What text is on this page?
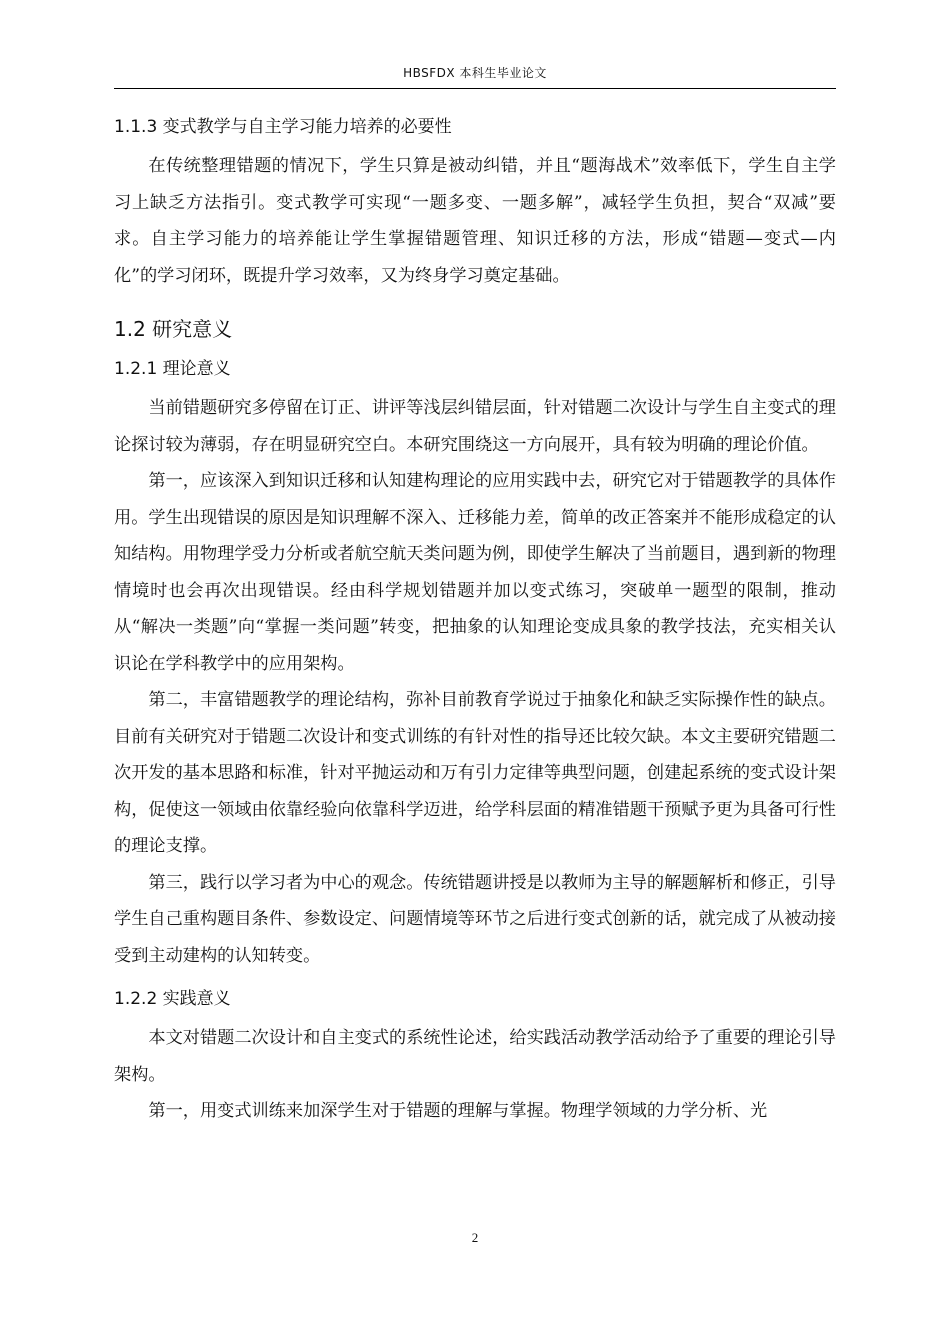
HBSFDX 本科生毕业论文
1.1.3 变式教学与自主学习能力培养的必要性

在传统整理错题的情况下，学生只算是被动纠错，并且“题海战术”效率低下，学生自主学习上缺乏方法指引。变式教学可实现“一题多变、一题多解”，减轻学生负担，契合“双减”要求。自主学习能力的培养能让学生掌握错题管理、知识迁移的方法，形成“错题—变式—内化”的学习闭环，既提升学习效率，又为终身学习奠定基础。

1.2 研究意义
1.2.1 理论意义

当前错题研究多停留在订正、讲评等浅层纠错层面，针对错题二次设计与学生自主变式的理论探讨较为薄弱，存在明显研究空白。本研究围绕这一方向展开，具有较为明确的理论价值。

第一，应该深入到知识迁移和认知建构理论的应用实践中去，研究它对于错题教学的具体作用。学生出现错误的原因是知识理解不深入、迁移能力差，简单的改正答案并不能形成稳定的认知结构。用物理学受力分析或者航空航天类问题为例，即使学生解决了当前题目，遇到新的物理情境时也会再次出现错误。经由科学规划错题并加以变式练习，突破单一题型的限制，推动从“解决一类题”向“掌握一类问题”转变，把抽象的认知理论变成具象的教学技法，充实相关认识论在学科教学中的应用架构。

第二，丰富错题教学的理论结构，弥补目前教育学说过于抽象化和缺乏实际操作性的缺点。目前有关研究对于错题二次设计和变式训练的有针对性的指导还比较欠缺。本文主要研究错题二次开发的基本思路和标准，针对平抛运动和万有引力定律等典型问题，创建起系统的变式设计架构，促使这一领域由依靠经验向依靠科学迈进，给学科层面的精准错题干预赋予更为具备可行性的理论支撑。

第三，践行以学习者为中心的观念。传统错题讲授是以教师为主导的解题解析和修正，引导学生自己重构题目条件、参数设定、问题情境等环节之后进行变式创新的话，就完成了从被动接受到主动建构的认知转变。

1.2.2 实践意义

本文对错题二次设计和自主变式的系统性论述，给实践活动教学活动给予了重要的理论引导架构。

第一，用变式训练来加深学生对于错题的理解与掌握。物理学领域的力学分析、光

2
